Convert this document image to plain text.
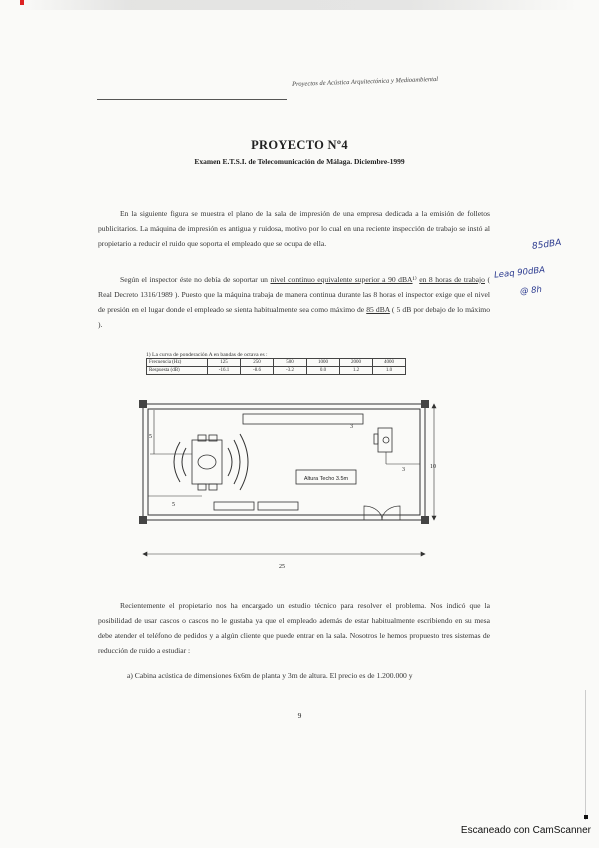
Proyectos de Acústica Arquitectónica y Medioambiental
PROYECTO Nº4
Examen E.T.S.I. de Telecomunicación de Málaga. Diciembre-1999
En la siguiente figura se muestra el plano de la sala de impresión de una empresa dedicada a la emisión de folletos publicitarios. La máquina de impresión es antigua y ruidosa, motivo por lo cual en una reciente inspección de trabajo se instó al propietario a reducir el ruido que soporta el empleado que se ocupa de ella.
Según el inspector éste no debía de soportar un nivel continuo equivalente superior a 90 dBA¹⁾ en 8 horas de trabajo ( Real Decreto 1316/1989 ). Puesto que la máquina trabaja de manera continua durante las 8 horas el inspector exige que el nivel de presión en el lugar donde el empleado se sienta habitualmente sea como máximo de 85 dBA ( 5 dB por debajo de lo máximo ).
85dBA
Leaq 90dBA
@ 8h
1) La curva de ponderación A en bandas de octava es :
Frecuencia (Hz)	125	250	500	1000	2000	4000
Respuesta (dB)	-16.1	-8.6	-3.2	0.0	1.2	1.0
Altura Techo 3.5m
3
3
5
5
10
25
Recientemente el propietario nos ha encargado un estudio técnico para resolver el problema. Nos indicó que la posibilidad de usar cascos o cascos no le gustaba ya que el empleado además de estar habitualmente escribiendo en su mesa debe atender el teléfono de pedidos y a algún cliente que puede entrar en la sala. Nosotros le hemos propuesto tres sistemas de reducción de ruido a estudiar :
a) Cabina acústica de dimensiones 6x6m de planta y 3m de altura. El precio es de 1.200.000 y
9
Escaneado con CamScanner
